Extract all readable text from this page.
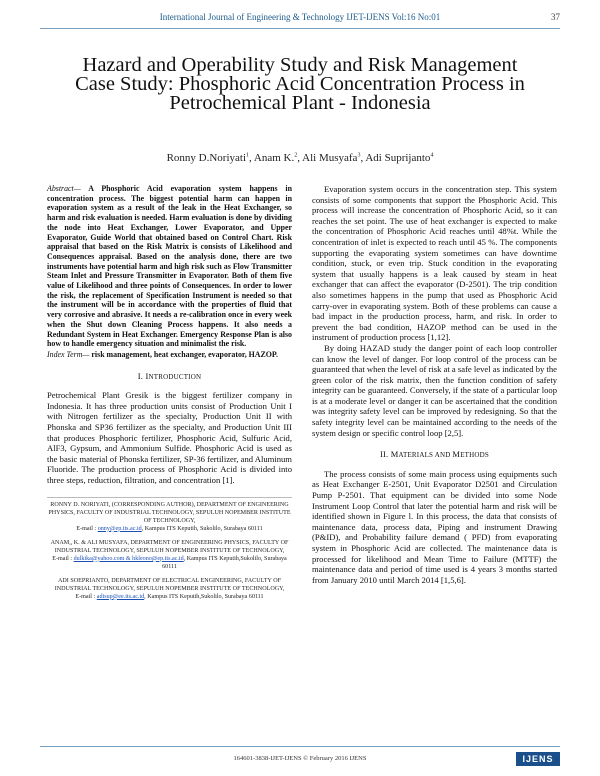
International Journal of Engineering & Technology IJET-IJENS Vol:16 No:01	37
Hazard and Operability Study and Risk Management Case Study: Phosphoric Acid Concentration Process in Petrochemical Plant - Indonesia
Ronny D.Noriyati$^1$, Anam K.$^2$, Ali Musyafa$^3$, Adi Suprijanto$^4$

Abstract— A Phosphoric Acid evaporation system happens in concentration process. The biggest potential harm can happen in evaporation system as a result of the leak in the Heat Exchanger, so harm and risk evaluation is needed. Harm evaluation is done by dividing the node into Heat Exchanger, Lower Evaporator, and Upper Evaporator, Guide World that obtained based on Control Chart. Risk appraisal that based on the Risk Matrix is consists of Likelihood and Consequences appraisal. Based on the analysis done, there are two instruments have potential harm and high risk such as Flow Transmitter Steam Inlet and Pressure Transmitter in Evaporator. Both of them five value of Likelihood and three points of Consequences. In order to lower the risk, the replacement of Specification Instrument is needed so that the instrument will be in accordance with the properties of fluid that very corrosive and abrasive. It needs a re-calibration once in every week when the Shut down Cleaning Process happens. It also needs a Redundant System in Heat Exchanger. Emergency Response Plan is also how to handle emergency situation and minimalist the risk.

Index Term— risk management, heat exchanger, evaporator, HAZOP.

I. INTRODUCTION

Petrochemical Plant Gresik is the biggest fertilizer company in Indonesia. It has three production units consist of Production Unit I with Nitrogen fertilizer as the specialty, Production Unit II with Phonska and SP36 fertilizer as the specialty, and Production Unit III that produces Phosphoric fertilizer, Phosphoric Acid, Sulfuric Acid, AlF3, Gypsum, and Ammonium Sulfide. Phosphoric Acid is used as the basic material of Phonska fertilizer, SP-36 fertilizer, and Aluminum Fluoride. The production process of Phosphoric Acid is divided into three steps, reduction, filtration, and concentration [1].

RONNY D. NORIYATI, (CORRESPONDING AUTHOR), DEPARTMENT OF ENGINEERING PHYSICS, FACULTY OF INDUSTRIAL TECHNOLOGY, SEPULUH NOPEMBER INSTITUTE OF TECHNOLOGY,
E-mail : onny@ep.its.ac.id, Kampus ITS Keputih, Sukolilo, Surabaya 60111
ANAM,, K. & ALI MUSYAFA, DEPARTMENT OF ENGINEERING PHYSICS, FACULTY OF INDUSTRIAL TECHNOLOGY, SEPULUH NOPEMBER INSTITUTE OF TECHNOLOGY,
E-mail : dulkika@yahoo.com & hkleono@ep.its.ac.id, Kampus ITS Keputih,Sukolilo, Surabaya 60111
ADI SOEPRIANTO, DEPARTMENT OF ELECTRICAL ENGINEERING, FACULTY OF INDUSTRIAL TECHNOLOGY, SEPULUH NOPEMBER INSTITUTE OF TECHNOLOGY,
E-mail : adisup@ee.its.ac.id, Kampus ITS Keputih,Sukolilo, Surabaya 60111

Evaporation system occurs in the concentration step. This system consists of some components that support the Phosphoric Acid. This process will increase the concentration of Phosphoric Acid, so it can reaches the set point. The use of heat exchanger is expected to make the concentration of Phosphoric Acid reaches until 48%t. While the concentration of inlet is expected to reach until 45 %. The components supporting the evaporating system sometimes can have downtime condition, stuck, or even trip. Stuck condition in the evaporating system that usually happens is a leak caused by steam in heat exchanger that can affect the evaporator (D-2501). The trip condition also sometimes happens in the pump that used as Phosphoric Acid carry-over in evaporating system. Both of these problems can cause a bad impact in the production process, harm, and risk. In order to prevent the bad condition, HAZOP method can be used in the instrument of production process [1,12].

By doing HAZAD study the danger point of each loop controller can know the level of danger. For loop control of the process can be guaranteed that when the level of risk at a safe level as indicated by the green color of the risk matrix, then the function condition of safety integrity can be guaranteed. Conversely, if the state of a particular loop is at a moderate level or danger it can be ascertained that the condition was integrity safety level can be improved by redesigning. So that the safety integrity level can be maintained according to the needs of the system design or specific control loop [2,5].

II. MATERIALS AND METHODS

The process consists of some main process using equipments such as Heat Exchanger E-2501, Unit Evaporator D2501 and Circulation Pump P-2501. That equipment can be divided into some Node Instrument Loop Control that later the potential harm and risk will be identified shown in Figure l. In this process, the data that consists of maintenance data, process data, Piping and instrument Drawing (P&ID), and Probability failure demand ( PFD) from evaporating system in Phosphoric Acid are collected. The maintenance data is processed for likelihood and Mean Time to Failure (MTTF) the maintenance data and period of time used is 4 years 3 months started from January 2010 until March 2014 [1,5,6].

164601-3838-IJET-IJENS © February 2016 IJENS	IJENS
